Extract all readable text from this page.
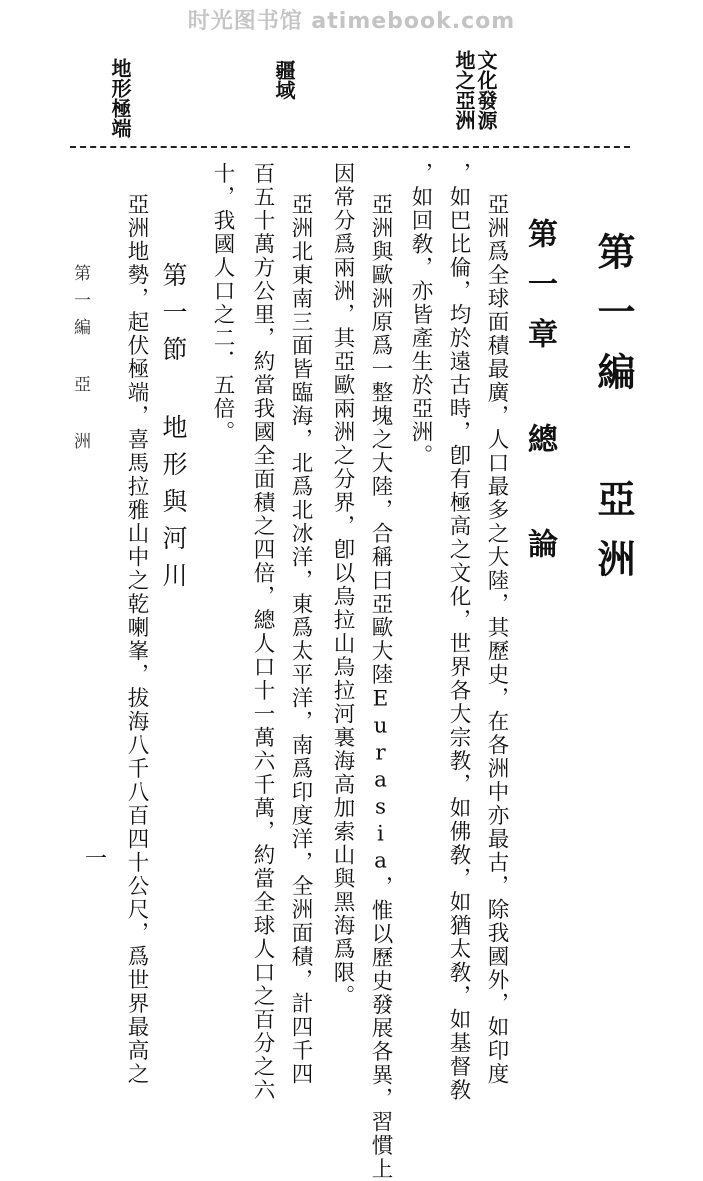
时光图书馆 atimebook.com
文化發源地之亞洲
疆域
地形極端
第一編 亞洲
第一章 總 論
亞洲爲全球面積最廣，人口最多之大陸，其歷史，在各洲中亦最古，除我國外，如印度
，如巴比倫，均於遠古時，卽有極高之文化，世界各大宗教，如佛敎，如猶太敎，如基督敎
，如回敎，亦皆產生於亞洲。
亞洲與歐洲原爲一整塊之大陸，合稱曰亞歐大陸Eurasia，惟以歷史發展各異，習慣上
因常分爲兩洲，其亞歐兩洲之分界，卽以烏拉山烏拉河裏海高加索山與黑海爲限。
亞洲北東南三面皆臨海，北爲北冰洋，東爲太平洋，南爲印度洋，全洲面積，計四千四
百五十萬方公里，約當我國全面積之四倍，總人口十一萬六千萬，約當全球人口之百分之六
十，我國人口之二．五倍。
第一節 地形與河川
亞洲地勢，起伏極端，喜馬拉雅山中之乾喇峯，拔海八千八百四十公尺，爲世界最高之
第一編 亞 洲
一
